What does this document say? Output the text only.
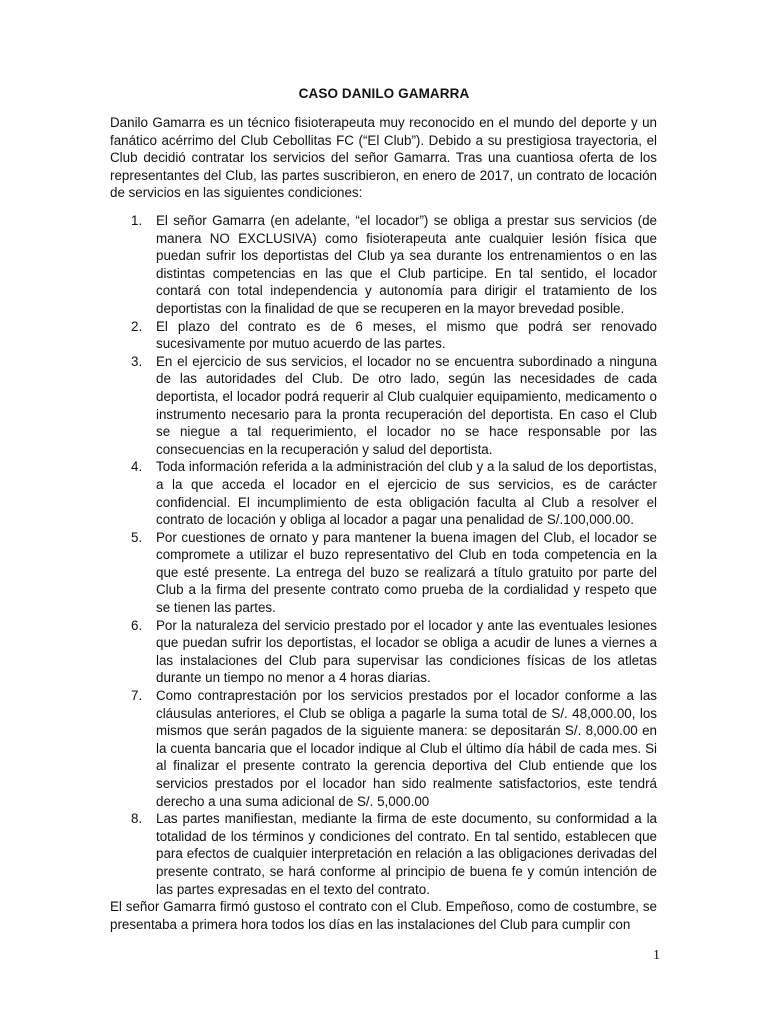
CASO DANILO GAMARRA

Danilo Gamarra es un técnico fisioterapeuta muy reconocido en el mundo del deporte y un fanático acérrimo del Club Cebollitas FC (“El Club”). Debido a su prestigiosa trayectoria, el Club decidió contratar los servicios del señor Gamarra. Tras una cuantiosa oferta de los representantes del Club, las partes suscribieron, en enero de 2017, un contrato de locación de servicios en las siguientes condiciones:

1. El señor Gamarra (en adelante, “el locador”) se obliga a prestar sus servicios (de manera NO EXCLUSIVA) como fisioterapeuta ante cualquier lesión física que puedan sufrir los deportistas del Club ya sea durante los entrenamientos o en las distintas competencias en las que el Club participe. En tal sentido, el locador contará con total independencia y autonomía para dirigir el tratamiento de los deportistas con la finalidad de que se recuperen en la mayor brevedad posible.
2. El plazo del contrato es de 6 meses, el mismo que podrá ser renovado sucesivamente por mutuo acuerdo de las partes.
3. En el ejercicio de sus servicios, el locador no se encuentra subordinado a ninguna de las autoridades del Club. De otro lado, según las necesidades de cada deportista, el locador podrá requerir al Club cualquier equipamiento, medicamento o instrumento necesario para la pronta recuperación del deportista. En caso el Club se niegue a tal requerimiento, el locador no se hace responsable por las consecuencias en la recuperación y salud del deportista.
4. Toda información referida a la administración del club y a la salud de los deportistas, a la que acceda el locador en el ejercicio de sus servicios, es de carácter confidencial. El incumplimiento de esta obligación faculta al Club a resolver el contrato de locación y obliga al locador a pagar una penalidad de S/.100,000.00.
5. Por cuestiones de ornato y para mantener la buena imagen del Club, el locador se compromete a utilizar el buzo representativo del Club en toda competencia en la que esté presente. La entrega del buzo se realizará a título gratuito por parte del Club a la firma del presente contrato como prueba de la cordialidad y respeto que se tienen las partes.
6. Por la naturaleza del servicio prestado por el locador y ante las eventuales lesiones que puedan sufrir los deportistas, el locador se obliga a acudir de lunes a viernes a las instalaciones del Club para supervisar las condiciones físicas de los atletas durante un tiempo no menor a 4 horas diarias.
7. Como contraprestación por los servicios prestados por el locador conforme a las cláusulas anteriores, el Club se obliga a pagarle la suma total de S/. 48,000.00, los mismos que serán pagados de la siguiente manera: se depositarán S/. 8,000.00 en la cuenta bancaria que el locador indique al Club el último día hábil de cada mes. Si al finalizar el presente contrato la gerencia deportiva del Club entiende que los servicios prestados por el locador han sido realmente satisfactorios, este tendrá derecho a una suma adicional de S/. 5,000.00
8. Las partes manifiestan, mediante la firma de este documento, su conformidad a la totalidad de los términos y condiciones del contrato. En tal sentido, establecen que para efectos de cualquier interpretación en relación a las obligaciones derivadas del presente contrato, se hará conforme al principio de buena fe y común intención de las partes expresadas en el texto del contrato.

El señor Gamarra firmó gustoso el contrato con el Club. Empeñoso, como de costumbre, se presentaba a primera hora todos los días en las instalaciones del Club para cumplir con

1
